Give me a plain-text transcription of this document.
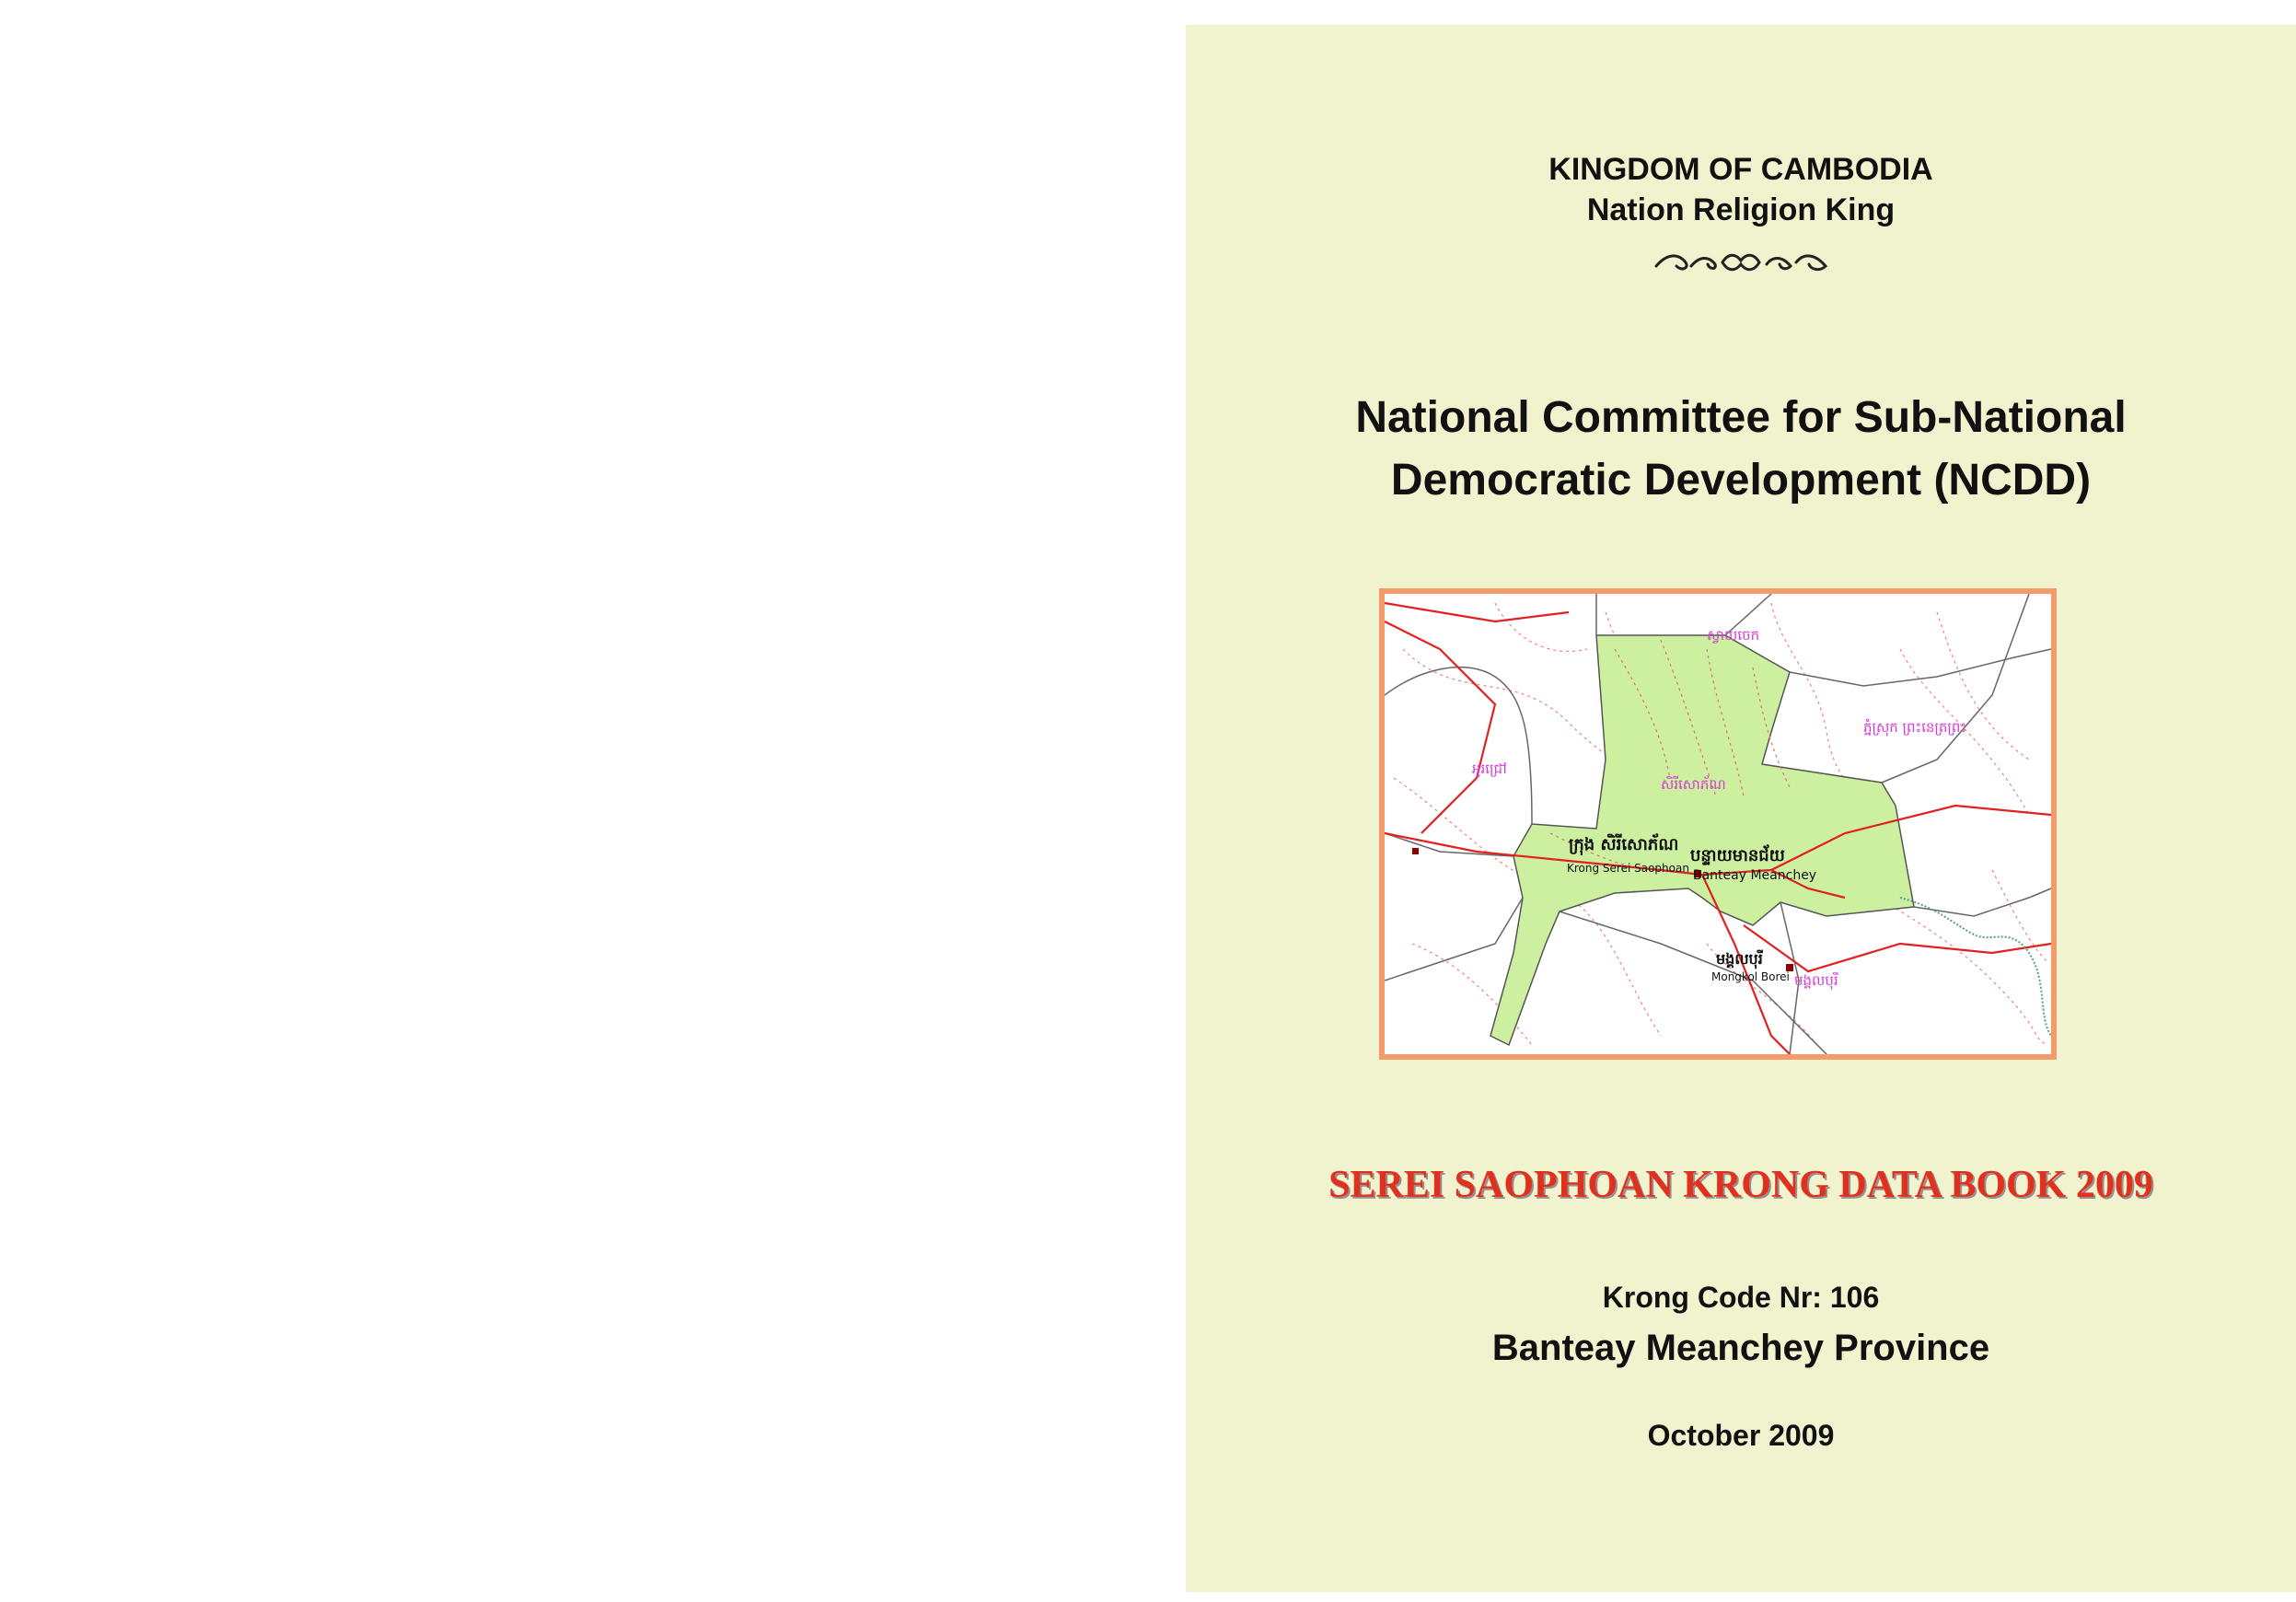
KINGDOM OF CAMBODIA
Nation Religion King
National Committee for Sub-National
Democratic Development (NCDD)
ស្វាយចេក
សិរីសោភ័ណ
ភ្នំស្រុក ព្រះនេត្រព្រះ
អូរជ្រៅ
មង្គលបុរី
ក្រុង សិរីសោភ័ណ
Krong Serei Saophoan
បន្ទាយមានជ័យ
Banteay Meanchey
មង្គលបុរី
Mongkol Borei
SEREI SAOPHOAN KRONG DATA BOOK 2009
Krong Code Nr: 106
Banteay Meanchey Province
October 2009
